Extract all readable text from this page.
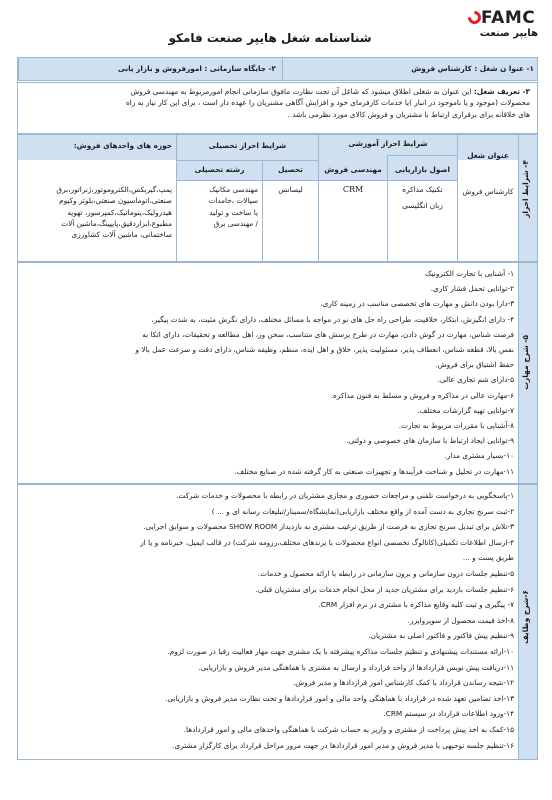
FAMC
هایپر صنعت
شناسنامه شغل هایپر صنعت فامکو
۱- عنوا ن شغل : کارشناس فروش
۲- جایگاه سازمانی : امورفروش و بازار یابی
۳- تعریف شغل: این عنوان به شغلی اطلاق میشود که شاغل آن تحت نظارت مافوق سازمانی انجام امورمربوط به مهندسی فروش
محصولات (موجود و یا ناموجود در انبار )یا خدمات کارفرمای خود و افزایش آگاهی مشتریان را عهده دار است ، برای این کار نیاز به راه
های خلاقانه برای برقراری ارتباط با مشتریان و فروش کالای مورد نظرمی باشد .
۴- شرایط احراز
عنوان شغل
کارشناس فروش
شرایط احراز آموزشی
اصول بازاریابی
تکنیک مذاکره
زبان انگلیسی
مهندسی فروش
CRM
شرایط احراز تحصیلی
تحصیل
لیسانس
رشته تحصیلی
مهندسی مکانیک
سیالات ،جامدات
یا ساخت و تولید
/ مهندسی برق
حوزه های واحدهای فروش:
پمپ،گیربکس،الکتروموتور،ژنراتور،برق
صنعتی،اتوماسیون صنعتی،بلوئر وکیوم
هیدرولیک،پنوماتیک،کمپرسور، تهویه
مطبوع،ابزاردقیق،پایپینگ،ماشین آلات
ساختمانی، ماشین آلات کشاورزی
۵- شرح مهارت
۱- آشنایی با تجارت الکترونیک
۲-توانایی تحمل فشار کاری.
۳-دارا بودن دانش و مهارت های تخصصی مناسب در زمینه کاری.
۴- دارای انگیزش، ابتکار، خلاقیت، طراحی راه حل های نو در مواجه با مسائل مختلف، دارای نگرش مثبت، به شدت پیگیر،
فرصت شناس، مهارت در گوش دادن، مهارت در طرح پرسش های متناسب، سخن ور، اهل مطالعه و تحقیقات، دارای اتکا به
نفس بالا، قطعه شناس، انعطاف پذیر، مسئولیت پذیر، خلاق و اهل ایده، منظم، وظیفه شناس، دارای دقت و سرعت عمل بالا و
حفظ اشتیاق برای فروش.
۵-دارای شم تجاری عالی.
۶-مهارت عالی در مذاکره و فروش و مسلط به فنون مذاکره.
۷-توانایی تهیه گزارشات مختلف.
۸-آشنایی با مقررات مربوط به تجارت.
۹-توانایی ایجاد ارتباط با سازمان های خصوصی و دولتی.
۱۰-بسیار مشتری مدار.
۱۱-مهارت در تحلیل و شناخت فرآیندها و تجهیزات صنعتی به کار گرفته شده در صنایع مختلف.
۶-شرح وظایف
۱-پاسخگویی به درخواست تلفنی و مراجعات حضوری و مجازی مشتریان در رابطه با محصولات و خدمات شرکت.
۲-ثبت سرنخ تجاری به دست آمده از واقع مختلف بازاریابی(نمایشگاه/سمینار/تبلیغات رسانه ای و ... )
۳-تلاش برای تبدیل سرنخ تجاری به فرصت از طریق ترغیب مشتری به بازدیداز SHOW ROOM محصولات و سوابق اجرایی.
۴-ارسال اطلاعات تکمیلی(کاتالوگ تخصصی انواع محصولات با برندهای مختلف،رزومه شرکت) در قالب ایمیل، خبرنامه و یا از
طریق پست و ...
۵-تنظیم جلسات درون سازمانی و برون سازمانی در رابطه با ارائه محصول و خدمات.
۶-تنظیم جلسات بازدید برای مشتریان جدید از محل انجام خدمات برای مشتریان قبلی.
۷- پیگیری و ثبت کلیه وقایع مذاکره با مشتری در نرم افزار CRM.
۸-اخذ قیمت محصول از سوپروایزر.
۹-تنظیم پیش فاکتور و فاکتور اصلی به مشتریان.
۱۰-ارائه مستندات پیشنهادی و تنظیم جلسات مذاکره پیشرفته با یک مشتری جهت مهار فعالیت رقبا در صورت لزوم.
۱۱-دریافت پیش نویس قراردادها از واحد قرارداد و ارسال به مشتری با هماهنگی مدیر فروش و بازاریابی.
۱۲-نتیجه رساندن قرارداد با کمک کارشناس امور قراردادها و مدیر فروش.
۱۳-اخذ تضامین تعهد شده در قرارداد با هماهنگی واحد مالی و امور قراردادها و تحت نظارت مدیر فروش و بازاریابی.
۱۴-ورود اطلاعات قرارداد در سیستم CRM.
۱۵-کمک به اخذ پیش پرداخت از مشتری و واریز به حساب شرکت با هماهنگی واحدهای مالی و امور قراردادها.
۱۶-تنظیم جلسه توجیهی با مدیر فروش و مدیر امور قراردادها در جهت مرور مراحل قرارداد برای کارگزار مشتری.
